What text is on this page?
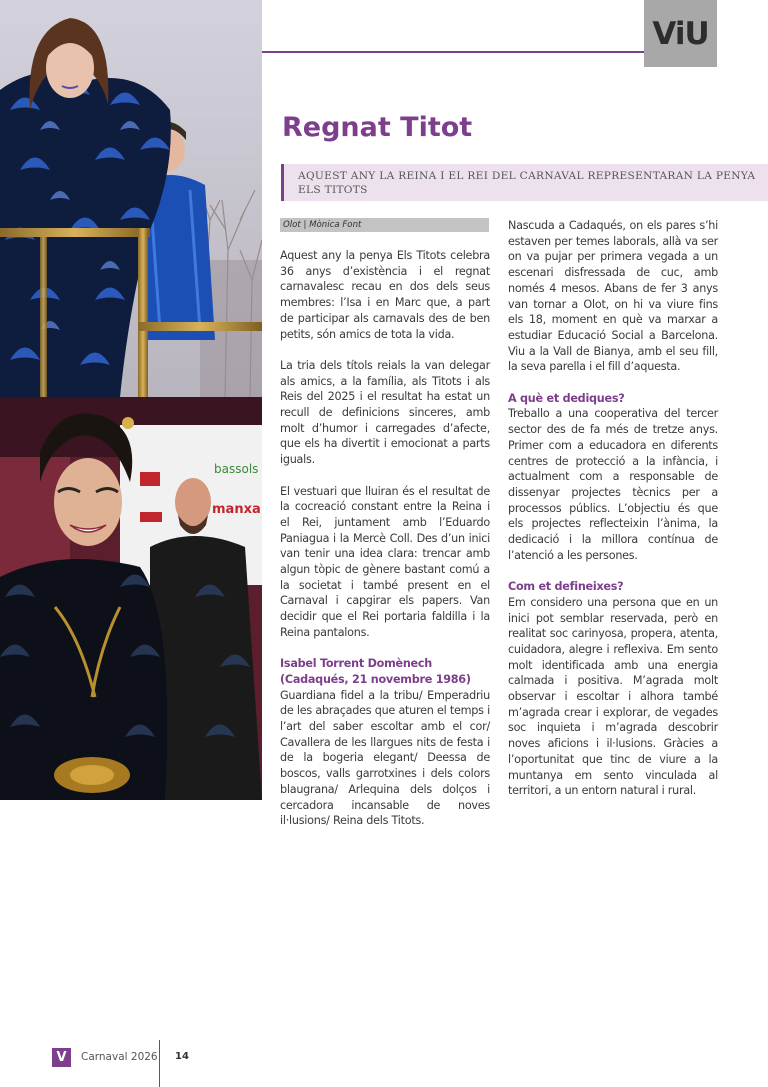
bassols
manxa
ViU
Regnat Titot
AQUEST ANY LA REINA I EL REI DEL CARNAVAL REPRESENTARAN LA PENYA ELS TITOTS
Olot | Mònica Font

Aquest any la penya Els Titots celebra 36 anys d’existència i el regnat carnavalesc recau en dos dels seus membres: l’Isa i en Marc que, a part de participar als carnavals des de ben petits, són amics de tota la vida.

La tria dels títols reials la van delegar als amics, a la família, als Titots i als Reis del 2025 i el resultat ha estat un recull de definicions sinceres, amb molt d’humor i carregades d’afecte, que els ha divertit i emocionat a parts iguals.

El vestuari que lluiran és el resultat de la cocreació constant entre la Reina i el Rei, juntament amb l’Eduardo Paniagua i la Mercè Coll. Des d’un inici van tenir una idea clara: trencar amb algun tòpic de gènere bastant comú a la societat i també present en el Carnaval i capgirar els papers. Van decidir que el Rei portaria faldilla i la Reina pantalons.

Isabel Torrent Domènech (Cadaqués, 21 novembre 1986)

Guardiana fidel a la tribu/ Emperadriu de les abraçades que aturen el temps i l’art del saber escoltar amb el cor/ Cavallera de les llargues nits de festa i de la bogeria elegant/ Deessa de boscos, valls garrotxines i dels colors blaugrana/ Arlequina dels dolços i cercadora incansable de noves il·lusions/ Reina dels Titots.

Nascuda a Cadaqués, on els pares s’hi estaven per temes laborals, allà va ser on va pujar per primera vegada a un escenari disfressada de cuc, amb només 4 mesos. Abans de fer 3 anys van tornar a Olot, on hi va viure fins els 18, moment en què va marxar a estudiar Educació Social a Barcelona. Viu a la Vall de Bianya, amb el seu fill, la seva parella i el fill d’aquesta.

A què et dediques?

Treballo a una cooperativa del tercer sector des de fa més de tretze anys. Primer com a educadora en diferents centres de protecció a la infància, i actualment com a responsable de dissenyar projectes tècnics per a processos públics. L’objectiu és que els projectes reflecteixin l’ànima, la dedicació i la millora contínua de l’atenció a les persones.

Com et defineixes?

Em considero una persona que en un inici pot semblar reservada, però en realitat soc carinyosa, propera, atenta, cuidadora, alegre i reflexiva. Em sento molt identificada amb una energia calmada i positiva. M’agrada molt observar i escoltar i alhora també m’agrada crear i explorar, de vegades soc inquieta i m’agrada descobrir noves aficions i il·lusions. Gràcies a l’oportunitat que tinc de viure a la muntanya em sento vinculada al territori, a un entorn natural i rural.

V	Carnaval 2026 14
